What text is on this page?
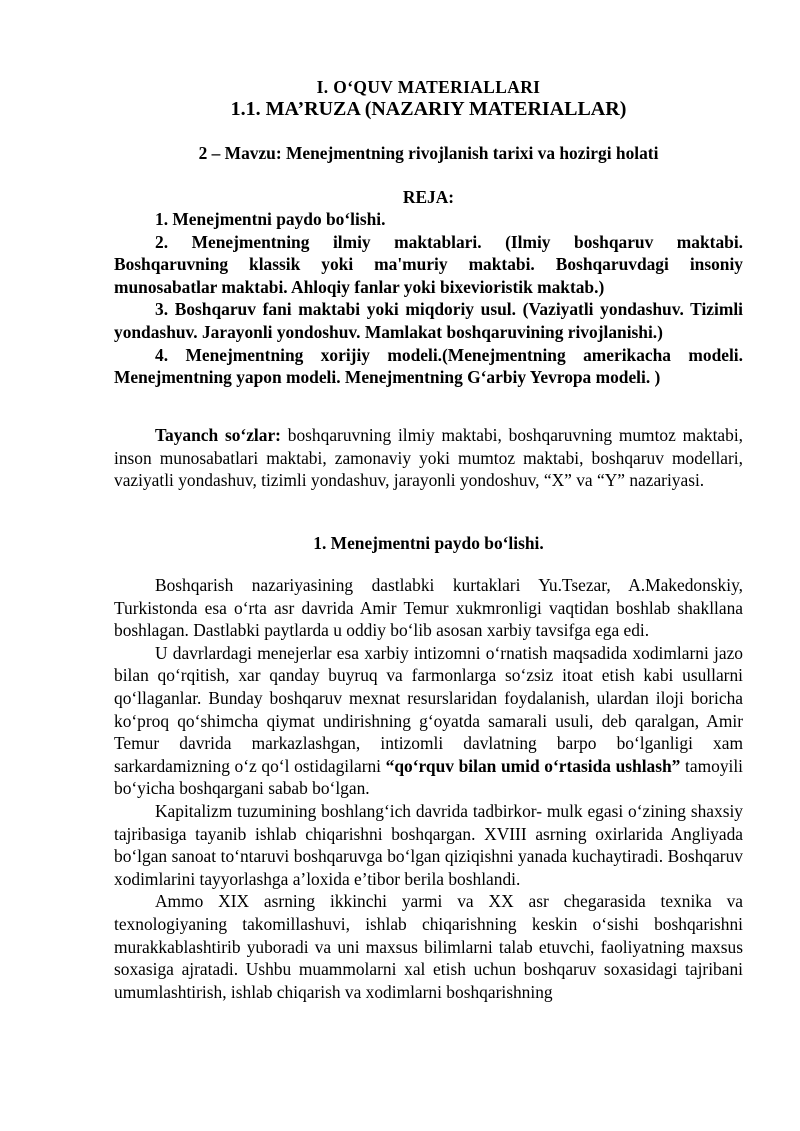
I. O‘QUV MATERIALLARI
1.1. MA’RUZA (NAZARIY MATERIALLAR)
2 – Mavzu: Menejmentning rivojlanish tarixi va hozirgi holati
REJA:
1. Menejmentni paydo bo‘lishi.
2. Menejmentning ilmiy maktablari. (Ilmiy boshqaruv maktabi. Boshqaruvning klassik yoki ma'muriy maktabi. Boshqaruvdagi insoniy munosabatlar maktabi. Ahloqiy fanlar yoki bixevioristik maktab.)
3. Boshqaruv fani maktabi yoki miqdoriy usul. (Vaziyatli yondashuv. Tizimli yondashuv. Jarayonli yondoshuv. Mamlakat boshqaruvining rivojlanishi.)
4. Menejmentning xorijiy modeli.(Menejmentning amerikacha modeli. Menejmentning yapon modeli. Menejmentning G‘arbiy Yevropa modeli. )
Tayanch so‘zlar: boshqaruvning ilmiy maktabi, boshqaruvning mumtoz maktabi, inson munosabatlari maktabi, zamonaviy yoki mumtoz maktabi, boshqaruv modellari, vaziyatli yondashuv, tizimli yondashuv, jarayonli yondoshuv, “X” va “Y” nazariyasi.
1. Menejmentni paydo bo‘lishi.
Boshqarish nazariyasining dastlabki kurtaklari Yu.Tsezar, A.Makedonskiy, Turkistonda esa o‘rta asr davrida Amir Temur xukmronligi vaqtidan boshlab shakllana boshlagan. Dastlabki paytlarda u oddiy bo‘lib asosan xarbiy tavsifga ega edi.
U davrlardagi menejerlar esa xarbiy intizomni o‘rnatish maqsadida xodimlarni jazo bilan qo‘rqitish, xar qanday buyruq va farmonlarga so‘zsiz itoat etish kabi usullarni qo‘llaganlar. Bunday boshqaruv mexnat resurslaridan foydalanish, ulardan iloji boricha ko‘proq qo‘shimcha qiymat undirishning g‘oyatda samarali usuli, deb qaralgan, Amir Temur davrida markazlashgan, intizomli davlatning barpo bo‘lganligi xam sarkardamizning o‘z qo‘l ostidagilarni “qo‘rquv bilan umid o‘rtasida ushlash” tamoyili bo‘yicha boshqargani sabab bo‘lgan.
Kapitalizm tuzumining boshlang‘ich davrida tadbirkor- mulk egasi o‘zining shaxsiy tajribasiga tayanib ishlab chiqarishni boshqargan. XVIII asrning oxirlarida Angliyada bo‘lgan sanoat to‘ntaruvi boshqaruvga bo‘lgan qiziqishni yanada kuchaytiradi. Boshqaruv xodimlarini tayyorlashga a’loxida e’tibor berila boshlandi.
Ammo XIX asrning ikkinchi yarmi va XX asr chegarasida texnika va texnologiyaning takomillashuvi, ishlab chiqarishning keskin o‘sishi boshqarishni murakkablashtirib yuboradi va uni maxsus bilimlarni talab etuvchi, faoliyatning maxsus soxasiga ajratadi. Ushbu muammolarni xal etish uchun boshqaruv soxasidagi tajribani umumlashtirish, ishlab chiqarish va xodimlarni boshqarishning
